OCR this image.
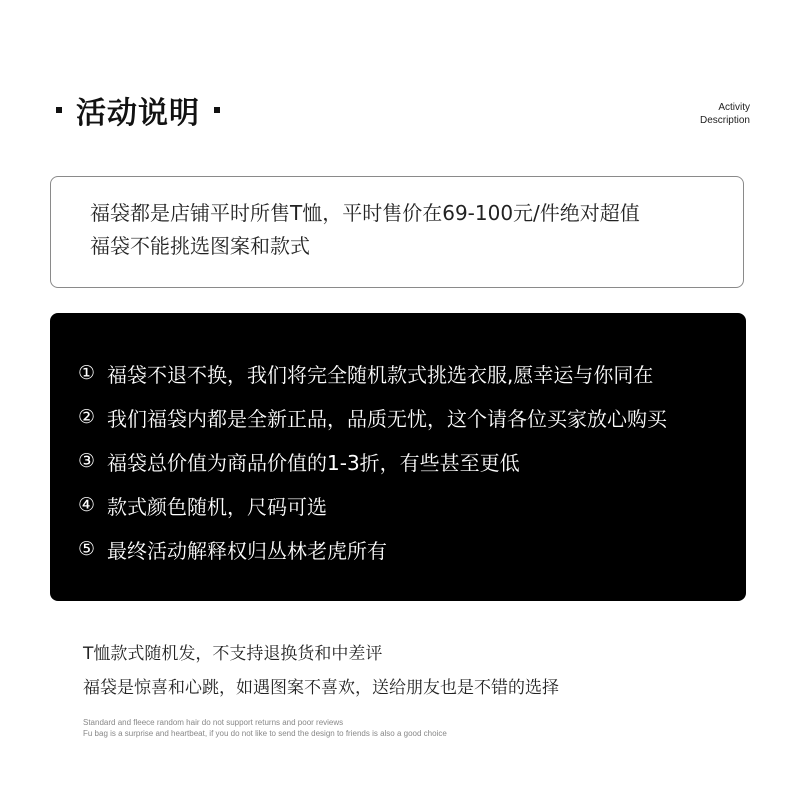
活动说明	Activity
Description
福袋都是店铺平时所售T恤，平时售价在69-100元/件绝对超值
福袋不能挑选图案和款式
① 福袋不退不换，我们将完全随机款式挑选衣服,愿幸运与你同在
② 我们福袋内都是全新正品，品质无忧，这个请各位买家放心购买
③ 福袋总价值为商品价值的1-3折，有些甚至更低
④ 款式颜色随机，尺码可选
⑤ 最终活动解释权归丛林老虎所有
T恤款式随机发，不支持退换货和中差评
福袋是惊喜和心跳，如遇图案不喜欢，送给朋友也是不错的选择
Standard and fleece random hair do not support returns and poor reviews
Fu bag is a surprise and heartbeat, if you do not like to send the design to friends is also a good choice
